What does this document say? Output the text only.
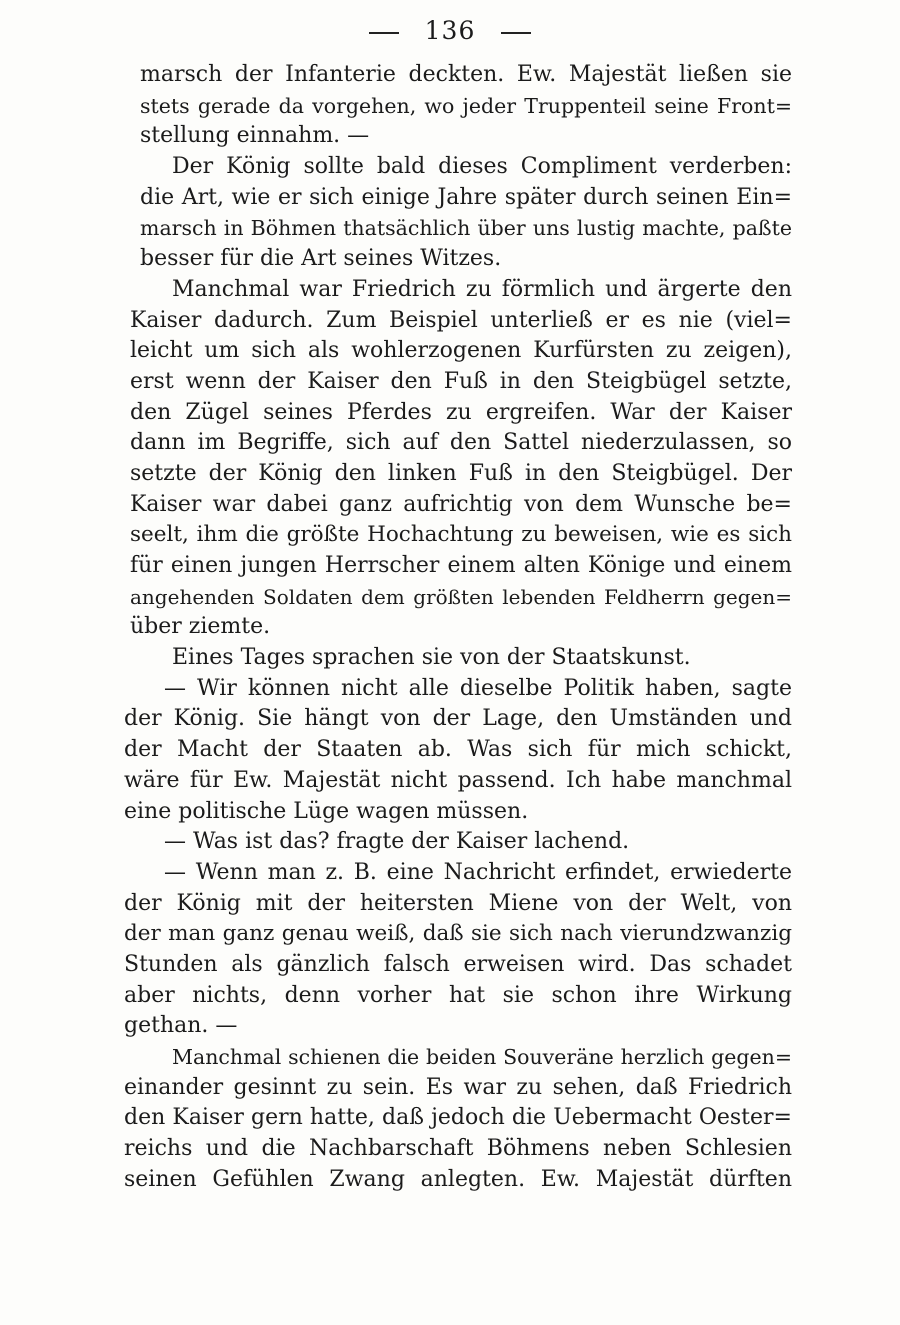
136
marsch der Infanterie deckten. Ew. Majestät ließen sie
stets gerade da vorgehen, wo jeder Truppenteil seine Front=
stellung einnahm. —
Der König sollte bald dieses Compliment verderben:
die Art, wie er sich einige Jahre später durch seinen Ein=
marsch in Böhmen thatsächlich über uns lustig machte, paßte
besser für die Art seines Witzes.
Manchmal war Friedrich zu förmlich und ärgerte den
Kaiser dadurch. Zum Beispiel unterließ er es nie (viel=
leicht um sich als wohlerzogenen Kurfürsten zu zeigen),
erst wenn der Kaiser den Fuß in den Steigbügel setzte,
den Zügel seines Pferdes zu ergreifen. War der Kaiser
dann im Begriffe, sich auf den Sattel niederzulassen, so
setzte der König den linken Fuß in den Steigbügel. Der
Kaiser war dabei ganz aufrichtig von dem Wunsche be=
seelt, ihm die größte Hochachtung zu beweisen, wie es sich
für einen jungen Herrscher einem alten Könige und einem
angehenden Soldaten dem größten lebenden Feldherrn gegen=
über ziemte.
Eines Tages sprachen sie von der Staatskunst.
— Wir können nicht alle dieselbe Politik haben, sagte
der König. Sie hängt von der Lage, den Umständen und
der Macht der Staaten ab. Was sich für mich schickt,
wäre für Ew. Majestät nicht passend. Ich habe manchmal
eine politische Lüge wagen müssen.
— Was ist das? fragte der Kaiser lachend.
— Wenn man z. B. eine Nachricht erfindet, erwiederte
der König mit der heitersten Miene von der Welt, von
der man ganz genau weiß, daß sie sich nach vierundzwanzig
Stunden als gänzlich falsch erweisen wird. Das schadet
aber nichts, denn vorher hat sie schon ihre Wirkung
gethan. —
Manchmal schienen die beiden Souveräne herzlich gegen=
einander gesinnt zu sein. Es war zu sehen, daß Friedrich
den Kaiser gern hatte, daß jedoch die Uebermacht Oester=
reichs und die Nachbarschaft Böhmens neben Schlesien
seinen Gefühlen Zwang anlegten. Ew. Majestät dürften
